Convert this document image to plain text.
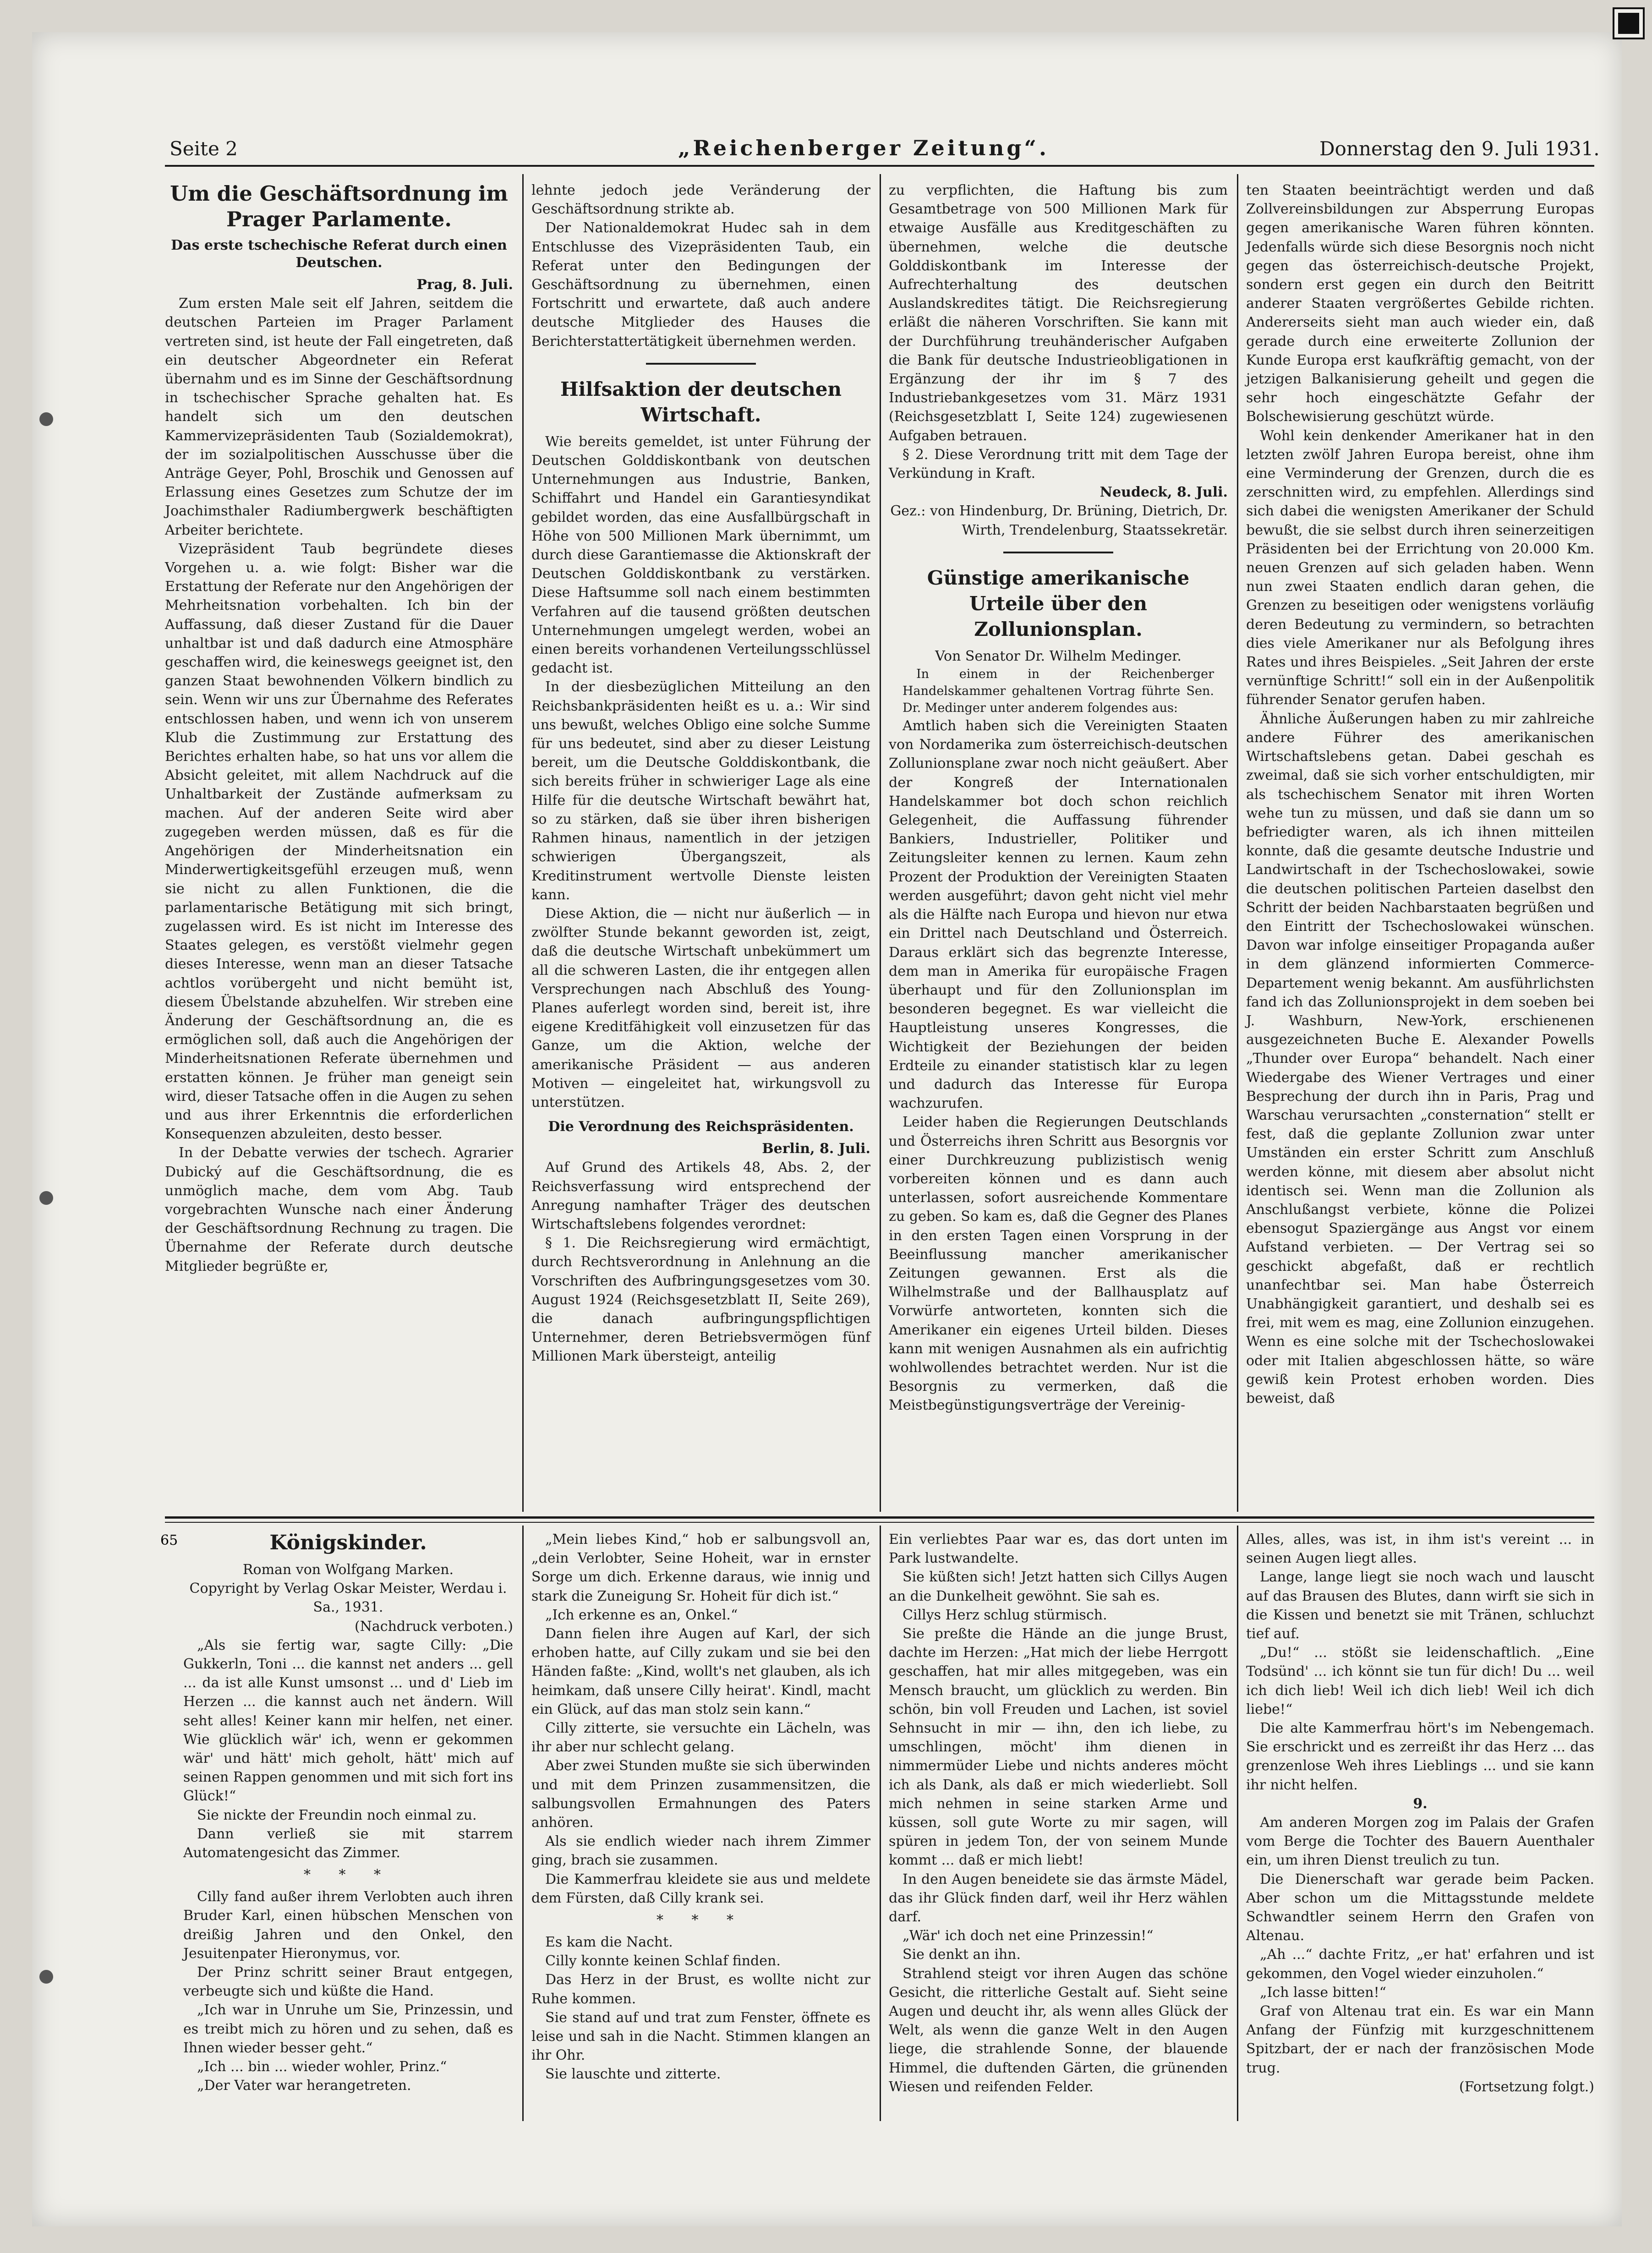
Seite 2	„Reichenberger Zeitung“.	Donnerstag den 9. Juli 1931.
Um die Geschäftsordnung im Prager Parlamente.
Das erste tschechische Referat durch einen Deutschen.

Prag, 8. Juli.

Zum ersten Male seit elf Jahren, seitdem die deutschen Parteien im Prager Parlament vertreten sind, ist heute der Fall eingetreten, daß ein deutscher Abgeordneter ein Referat übernahm und es im Sinne der Geschäftsordnung in tschechischer Sprache gehalten hat. Es handelt sich um den deutschen Kammervizepräsidenten Taub (Sozialdemokrat), der im sozialpolitischen Ausschusse über die Anträge Geyer, Pohl, Broschik und Genossen auf Erlassung eines Gesetzes zum Schutze der im Joachimsthaler Radiumbergwerk beschäftigten Arbeiter berichtete.

Vizepräsident Taub begründete dieses Vorgehen u. a. wie folgt: Bisher war die Erstattung der Referate nur den Angehörigen der Mehrheitsnation vorbehalten. Ich bin der Auffassung, daß dieser Zustand für die Dauer unhaltbar ist und daß dadurch eine Atmosphäre geschaffen wird, die keineswegs geeignet ist, den ganzen Staat bewohnenden Völkern bindlich zu sein. Wenn wir uns zur Übernahme des Referates entschlossen haben, und wenn ich von unserem Klub die Zustimmung zur Erstattung des Berichtes erhalten habe, so hat uns vor allem die Absicht geleitet, mit allem Nachdruck auf die Unhaltbarkeit der Zustände aufmerksam zu machen. Auf der anderen Seite wird aber zugegeben werden müssen, daß es für die Angehörigen der Minderheitsnation ein Minderwertigkeitsgefühl erzeugen muß, wenn sie nicht zu allen Funktionen, die die parlamentarische Betätigung mit sich bringt, zugelassen wird. Es ist nicht im Interesse des Staates gelegen, es verstößt vielmehr gegen dieses Interesse, wenn man an dieser Tatsache achtlos vorübergeht und nicht bemüht ist, diesem Übelstande abzuhelfen. Wir streben eine Änderung der Geschäftsordnung an, die es ermöglichen soll, daß auch die Angehörigen der Minderheitsnationen Referate übernehmen und erstatten können. Je früher man geneigt sein wird, dieser Tatsache offen in die Augen zu sehen und aus ihrer Erkenntnis die erforderlichen Konsequenzen abzuleiten, desto besser.

In der Debatte verwies der tschech. Agrarier Dubický auf die Geschäftsordnung, die es unmöglich mache, dem vom Abg. Taub vorgebrachten Wunsche nach einer Änderung der Geschäftsordnung Rechnung zu tragen. Die Übernahme der Referate durch deutsche Mitglieder begrüßte er,

lehnte jedoch jede Veränderung der Geschäftsordnung strikte ab.

Der Nationaldemokrat Hudec sah in dem Entschlusse des Vizepräsidenten Taub, ein Referat unter den Bedingungen der Geschäftsordnung zu übernehmen, einen Fortschritt und erwartete, daß auch andere deutsche Mitglieder des Hauses die Berichterstattertätigkeit übernehmen werden.

Hilfsaktion der deutschen Wirtschaft.

Wie bereits gemeldet, ist unter Führung der Deutschen Golddiskontbank von deutschen Unternehmungen aus Industrie, Banken, Schiffahrt und Handel ein Garantiesyndikat gebildet worden, das eine Ausfallbürgschaft in Höhe von 500 Millionen Mark übernimmt, um durch diese Garantiemasse die Aktionskraft der Deutschen Golddiskontbank zu verstärken. Diese Haftsumme soll nach einem bestimmten Verfahren auf die tausend größten deutschen Unternehmungen umgelegt werden, wobei an einen bereits vorhandenen Verteilungsschlüssel gedacht ist.

In der diesbezüglichen Mitteilung an den Reichsbankpräsidenten heißt es u. a.: Wir sind uns bewußt, welches Obligo eine solche Summe für uns bedeutet, sind aber zu dieser Leistung bereit, um die Deutsche Golddiskontbank, die sich bereits früher in schwieriger Lage als eine Hilfe für die deutsche Wirtschaft bewährt hat, so zu stärken, daß sie über ihren bisherigen Rahmen hinaus, namentlich in der jetzigen schwierigen Übergangszeit, als Kreditinstrument wertvolle Dienste leisten kann.

Diese Aktion, die — nicht nur äußerlich — in zwölfter Stunde bekannt geworden ist, zeigt, daß die deutsche Wirtschaft unbekümmert um all die schweren Lasten, die ihr entgegen allen Versprechungen nach Abschluß des Young-Planes auferlegt worden sind, bereit ist, ihre eigene Kreditfähigkeit voll einzusetzen für das Ganze, um die Aktion, welche der amerikanische Präsident — aus anderen Motiven — eingeleitet hat, wirkungsvoll zu unterstützen.

Die Verordnung des Reichspräsidenten.

Berlin, 8. Juli.

Auf Grund des Artikels 48, Abs. 2, der Reichsverfassung wird entsprechend der Anregung namhafter Träger des deutschen Wirtschaftslebens folgendes verordnet:

§ 1. Die Reichsregierung wird ermächtigt, durch Rechtsverordnung in Anlehnung an die Vorschriften des Aufbringungsgesetzes vom 30. August 1924 (Reichsgesetzblatt II, Seite 269), die danach aufbringungspflichtigen Unternehmer, deren Betriebsvermögen fünf Millionen Mark übersteigt, anteilig

zu verpflichten, die Haftung bis zum Gesamtbetrage von 500 Millionen Mark für etwaige Ausfälle aus Kreditgeschäften zu übernehmen, welche die deutsche Golddiskontbank im Interesse der Aufrechterhaltung des deutschen Auslandskredites tätigt. Die Reichsregierung erläßt die näheren Vorschriften. Sie kann mit der Durchführung treuhänderischer Aufgaben die Bank für deutsche Industrieobligationen in Ergänzung der ihr im § 7 des Industriebankgesetzes vom 31. März 1931 (Reichsgesetzblatt I, Seite 124) zugewiesenen Aufgaben betrauen.

§ 2. Diese Verordnung tritt mit dem Tage der Verkündung in Kraft.

Neudeck, 8. Juli.

Gez.: von Hindenburg, Dr. Brüning, Dietrich, Dr. Wirth, Trendelenburg, Staatssekretär.

Günstige amerikanische Urteile über den Zollunionsplan.

Von Senator Dr. Wilhelm Medinger.

In einem in der Reichenberger Handelskammer gehaltenen Vortrag führte Sen. Dr. Medinger unter anderem folgendes aus:

Amtlich haben sich die Vereinigten Staaten von Nordamerika zum österreichisch-deutschen Zollunionsplane zwar noch nicht geäußert. Aber der Kongreß der Internationalen Handelskammer bot doch schon reichlich Gelegenheit, die Auffassung führender Bankiers, Industrieller, Politiker und Zeitungsleiter kennen zu lernen. Kaum zehn Prozent der Produktion der Vereinigten Staaten werden ausgeführt; davon geht nicht viel mehr als die Hälfte nach Europa und hievon nur etwa ein Drittel nach Deutschland und Österreich. Daraus erklärt sich das begrenzte Interesse, dem man in Amerika für europäische Fragen überhaupt und für den Zollunionsplan im besonderen begegnet. Es war vielleicht die Hauptleistung unseres Kongresses, die Wichtigkeit der Beziehungen der beiden Erdteile zu einander statistisch klar zu legen und dadurch das Interesse für Europa wachzurufen.

Leider haben die Regierungen Deutschlands und Österreichs ihren Schritt aus Besorgnis vor einer Durchkreuzung publizistisch wenig vorbereiten können und es dann auch unterlassen, sofort ausreichende Kommentare zu geben. So kam es, daß die Gegner des Planes in den ersten Tagen einen Vorsprung in der Beeinflussung mancher amerikanischer Zeitungen gewannen. Erst als die Wilhelmstraße und der Ballhausplatz auf Vorwürfe antworteten, konnten sich die Amerikaner ein eigenes Urteil bilden. Dieses kann mit wenigen Ausnahmen als ein aufrichtig wohlwollendes betrachtet werden. Nur ist die Besorgnis zu vermerken, daß die Meistbegünstigungsverträge der Vereinig-

ten Staaten beeinträchtigt werden und daß Zollvereinsbildungen zur Absperrung Europas gegen amerikanische Waren führen könnten. Jedenfalls würde sich diese Besorgnis noch nicht gegen das österreichisch-deutsche Projekt, sondern erst gegen ein durch den Beitritt anderer Staaten vergrößertes Gebilde richten. Andererseits sieht man auch wieder ein, daß gerade durch eine erweiterte Zollunion der Kunde Europa erst kaufkräftig gemacht, von der jetzigen Balkanisierung geheilt und gegen die sehr hoch eingeschätzte Gefahr der Bolschewisierung geschützt würde.

Wohl kein denkender Amerikaner hat in den letzten zwölf Jahren Europa bereist, ohne ihm eine Verminderung der Grenzen, durch die es zerschnitten wird, zu empfehlen. Allerdings sind sich dabei die wenigsten Amerikaner der Schuld bewußt, die sie selbst durch ihren seinerzeitigen Präsidenten bei der Errichtung von 20.000 Km. neuen Grenzen auf sich geladen haben. Wenn nun zwei Staaten endlich daran gehen, die Grenzen zu beseitigen oder wenigstens vorläufig deren Bedeutung zu vermindern, so betrachten dies viele Amerikaner nur als Befolgung ihres Rates und ihres Beispieles. „Seit Jahren der erste vernünftige Schritt!“ soll ein in der Außenpolitik führender Senator gerufen haben.

Ähnliche Äußerungen haben zu mir zahlreiche andere Führer des amerikanischen Wirtschaftslebens getan. Dabei geschah es zweimal, daß sie sich vorher entschuldigten, mir als tschechischem Senator mit ihren Worten wehe tun zu müssen, und daß sie dann um so befriedigter waren, als ich ihnen mitteilen konnte, daß die gesamte deutsche Industrie und Landwirtschaft in der Tschechoslowakei, sowie die deutschen politischen Parteien daselbst den Schritt der beiden Nachbarstaaten begrüßen und den Eintritt der Tschechoslowakei wünschen. Davon war infolge einseitiger Propaganda außer in dem glänzend informierten Commerce-Departement wenig bekannt. Am ausführlichsten fand ich das Zollunionsprojekt in dem soeben bei J. Washburn, New-York, erschienenen ausgezeichneten Buche E. Alexander Powells „Thunder over Europa“ behandelt. Nach einer Wiedergabe des Wiener Vertrages und einer Besprechung der durch ihn in Paris, Prag und Warschau verursachten „consternation“ stellt er fest, daß die geplante Zollunion zwar unter Umständen ein erster Schritt zum Anschluß werden könne, mit diesem aber absolut nicht identisch sei. Wenn man die Zollunion als Anschlußangst verbiete, könne die Polizei ebensogut Spaziergänge aus Angst vor einem Aufstand verbieten. — Der Vertrag sei so geschickt abgefaßt, daß er rechtlich unanfechtbar sei. Man habe Österreich Unabhängigkeit garantiert, und deshalb sei es frei, mit wem es mag, eine Zollunion einzugehen. Wenn es eine solche mit der Tschechoslowakei oder mit Italien abgeschlossen hätte, so wäre gewiß kein Protest erhoben worden. Dies beweist, daß

65	Königskinder.

Roman von Wolfgang Marken.

Copyright by Verlag Oskar Meister, Werdau i. Sa., 1931.

(Nachdruck verboten.)

„Als sie fertig war, sagte Cilly: „Die Gukkerln, Toni ... die kannst net anders ... gell ... da ist alle Kunst umsonst ... und d' Lieb im Herzen ... die kannst auch net ändern. Will seht alles! Keiner kann mir helfen, net einer. Wie glücklich wär' ich, wenn er gekommen wär' und hätt' mich geholt, hätt' mich auf seinen Rappen genommen und mit sich fort ins Glück!“

Sie nickte der Freundin noch einmal zu.

Dann verließ sie mit starrem Automatengesicht das Zimmer.

* * *

Cilly fand außer ihrem Verlobten auch ihren Bruder Karl, einen hübschen Menschen von dreißig Jahren und den Onkel, den Jesuitenpater Hieronymus, vor.

Der Prinz schritt seiner Braut entgegen, verbeugte sich und küßte die Hand.

„Ich war in Unruhe um Sie, Prinzessin, und es treibt mich zu hören und zu sehen, daß es Ihnen wieder besser geht.“

„Ich ... bin ... wieder wohler, Prinz.“

„Der Vater war herangetreten.

„Mein liebes Kind,“ hob er salbungsvoll an, „dein Verlobter, Seine Hoheit, war in ernster Sorge um dich. Erkenne daraus, wie innig und stark die Zuneigung Sr. Hoheit für dich ist.“

„Ich erkenne es an, Onkel.“

Dann fielen ihre Augen auf Karl, der sich erhoben hatte, auf Cilly zukam und sie bei den Händen faßte: „Kind, wollt's net glauben, als ich heimkam, daß unsere Cilly heirat'. Kindl, macht ein Glück, auf das man stolz sein kann.“

Cilly zitterte, sie versuchte ein Lächeln, was ihr aber nur schlecht gelang.

Aber zwei Stunden mußte sie sich überwinden und mit dem Prinzen zusammensitzen, die salbungsvollen Ermahnungen des Paters anhören.

Als sie endlich wieder nach ihrem Zimmer ging, brach sie zusammen.

Die Kammerfrau kleidete sie aus und meldete dem Fürsten, daß Cilly krank sei.

* * *

Es kam die Nacht.

Cilly konnte keinen Schlaf finden.

Das Herz in der Brust, es wollte nicht zur Ruhe kommen.

Sie stand auf und trat zum Fenster, öffnete es leise und sah in die Nacht. Stimmen klangen an ihr Ohr.

Sie lauschte und zitterte.

Ein verliebtes Paar war es, das dort unten im Park lustwandelte.

Sie küßten sich! Jetzt hatten sich Cillys Augen an die Dunkelheit gewöhnt. Sie sah es.

Cillys Herz schlug stürmisch.

Sie preßte die Hände an die junge Brust, dachte im Herzen: „Hat mich der liebe Herrgott geschaffen, hat mir alles mitgegeben, was ein Mensch braucht, um glücklich zu werden. Bin schön, bin voll Freuden und Lachen, ist soviel Sehnsucht in mir — ihn, den ich liebe, zu umschlingen, möcht' ihm dienen in nimmermüder Liebe und nichts anderes möcht ich als Dank, als daß er mich wiederliebt. Soll mich nehmen in seine starken Arme und küssen, soll gute Worte zu mir sagen, will spüren in jedem Ton, der von seinem Munde kommt ... daß er mich liebt!

In den Augen beneidete sie das ärmste Mädel, das ihr Glück finden darf, weil ihr Herz wählen darf.

„Wär' ich doch net eine Prinzessin!“

Sie denkt an ihn.

Strahlend steigt vor ihren Augen das schöne Gesicht, die ritterliche Gestalt auf. Sieht seine Augen und deucht ihr, als wenn alles Glück der Welt, als wenn die ganze Welt in den Augen liege, die strahlende Sonne, der blauende Himmel, die duftenden Gärten, die grünenden Wiesen und reifenden Felder.

Alles, alles, was ist, in ihm ist's vereint ... in seinen Augen liegt alles.

Lange, lange liegt sie noch wach und lauscht auf das Brausen des Blutes, dann wirft sie sich in die Kissen und benetzt sie mit Tränen, schluchzt tief auf.

„Du!“ ... stößt sie leidenschaftlich. „Eine Todsünd' ... ich könnt sie tun für dich! Du ... weil ich dich lieb! Weil ich dich lieb! Weil ich dich liebe!“

Die alte Kammerfrau hört's im Nebengemach. Sie erschrickt und es zerreißt ihr das Herz ... das grenzenlose Weh ihres Lieblings ... und sie kann ihr nicht helfen.

9.

Am anderen Morgen zog im Palais der Grafen vom Berge die Tochter des Bauern Auenthaler ein, um ihren Dienst treulich zu tun.

Die Dienerschaft war gerade beim Packen. Aber schon um die Mittagsstunde meldete Schwandtler seinem Herrn den Grafen von Altenau.

„Ah ...“ dachte Fritz, „er hat' erfahren und ist gekommen, den Vogel wieder einzuholen.“

„Ich lasse bitten!“

Graf von Altenau trat ein. Es war ein Mann Anfang der Fünfzig mit kurzgeschnittenem Spitzbart, der er nach der französischen Mode trug.

(Fortsetzung folgt.)
